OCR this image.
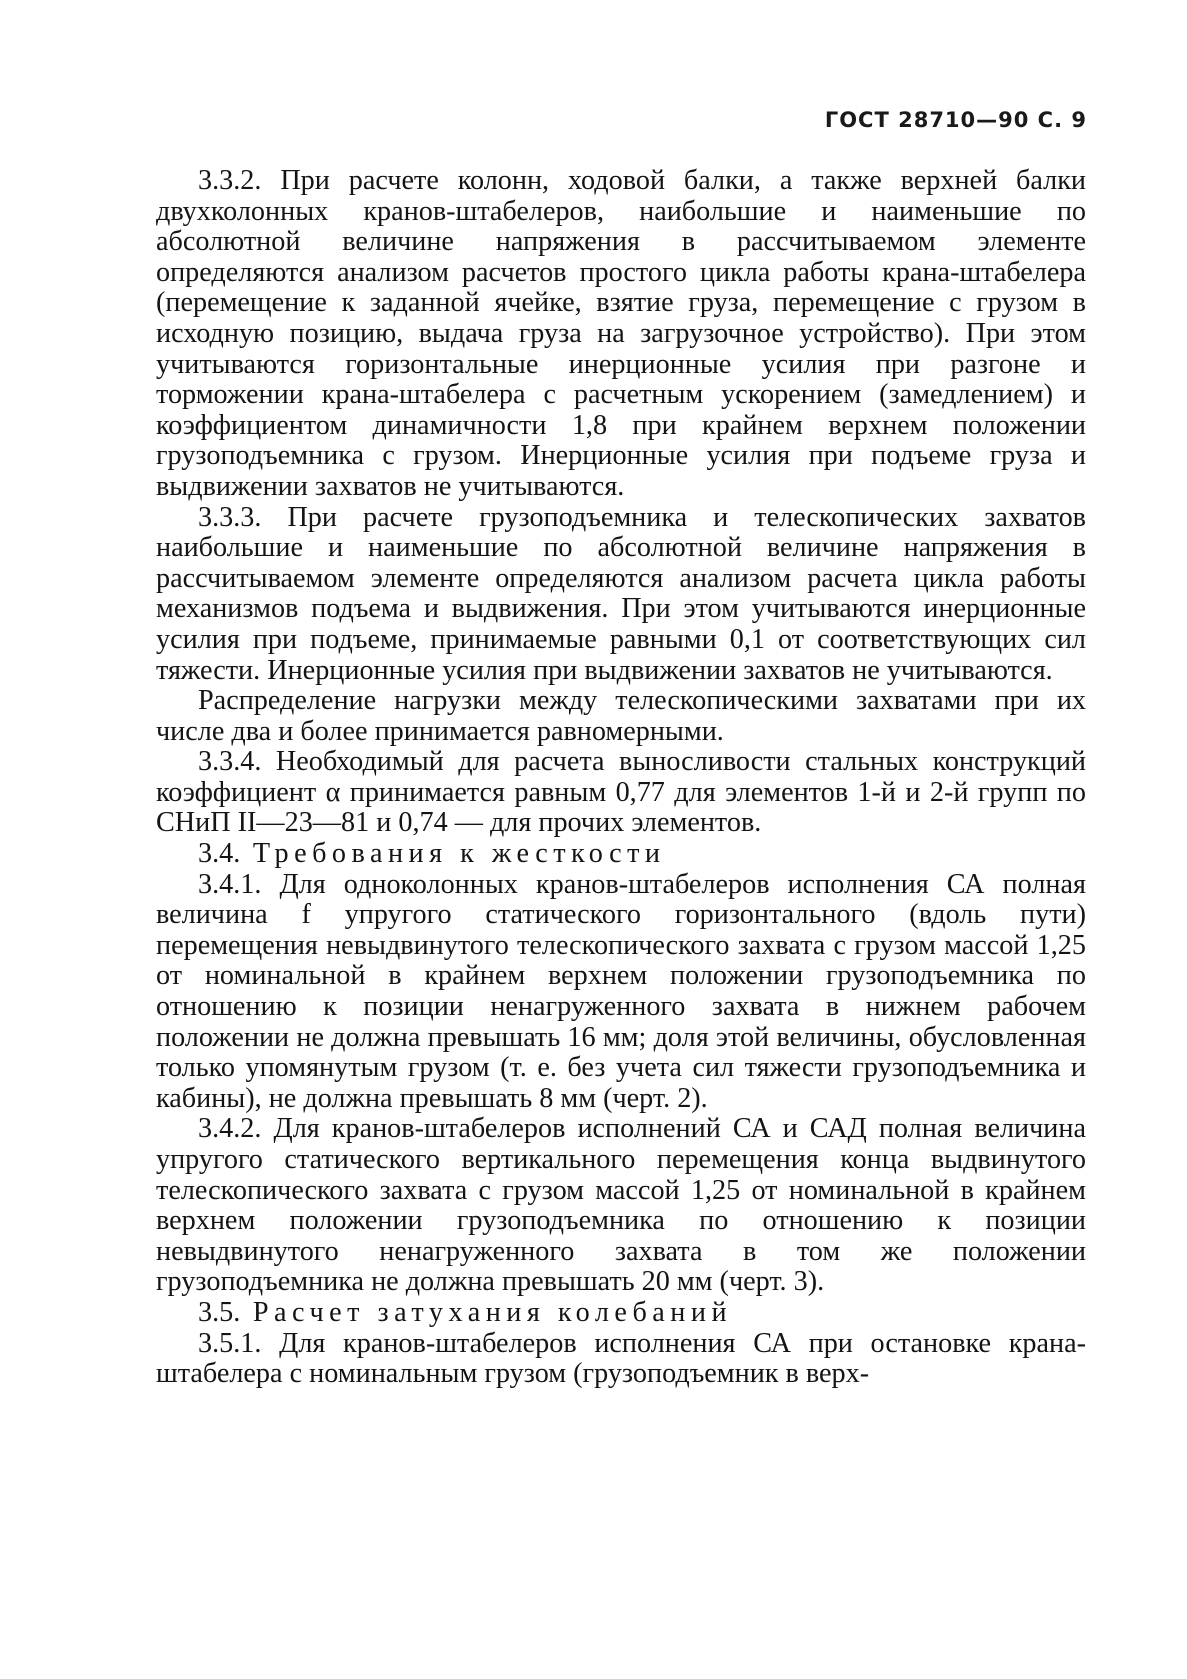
ГОСТ 28710—90 С. 9

3.3.2. При расчете колонн, ходовой балки, а также верхней балки двухколонных кранов-штабелеров, наибольшие и наименьшие по абсолютной величине напряжения в рассчитываемом элементе определяются анализом расчетов простого цикла работы крана-штабелера (перемещение к заданной ячейке, взятие груза, перемещение с грузом в исходную позицию, выдача груза на загрузочное устройство). При этом учитываются горизонтальные инерционные усилия при разгоне и торможении крана-штабелера с расчетным ускорением (замедлением) и коэффициентом динамичности 1,8 при крайнем верхнем положении грузоподъемника с грузом. Инерционные усилия при подъеме груза и выдвижении захватов не учитываются.

3.3.3. При расчете грузоподъемника и телескопических захватов наибольшие и наименьшие по абсолютной величине напряжения в рассчитываемом элементе определяются анализом расчета цикла работы механизмов подъема и выдвижения. При этом учитываются инерционные усилия при подъеме, принимаемые равными 0,1 от соответствующих сил тяжести. Инерционные усилия при выдвижении захватов не учитываются.

Распределение нагрузки между телескопическими захватами при их числе два и более принимается равномерными.

3.3.4. Необходимый для расчета выносливости стальных конструкций коэффициент α принимается равным 0,77 для элементов 1-й и 2-й групп по СНиП II—23—81 и 0,74 — для прочих элементов.

3.4. Требования к жесткости

3.4.1. Для одноколонных кранов-штабелеров исполнения СА полная величина f упругого статического горизонтального (вдоль пути) перемещения невыдвинутого телескопического захвата с грузом массой 1,25 от номинальной в крайнем верхнем положении грузоподъемника по отношению к позиции ненагруженного захвата в нижнем рабочем положении не должна превышать 16 мм; доля этой величины, обусловленная только упомянутым грузом (т. е. без учета сил тяжести грузоподъемника и кабины), не должна превышать 8 мм (черт. 2).

3.4.2. Для кранов-штабелеров исполнений СА и САД полная величина упругого статического вертикального перемещения конца выдвинутого телескопического захвата с грузом массой 1,25 от номинальной в крайнем верхнем положении грузоподъемника по отношению к позиции невыдвинутого ненагруженного захвата в том же положении грузоподъемника не должна превышать 20 мм (черт. 3).

3.5. Расчет затухания колебаний

3.5.1. Для кранов-штабелеров исполнения СА при остановке крана-штабелера с номинальным грузом (грузоподъемник в верх-
